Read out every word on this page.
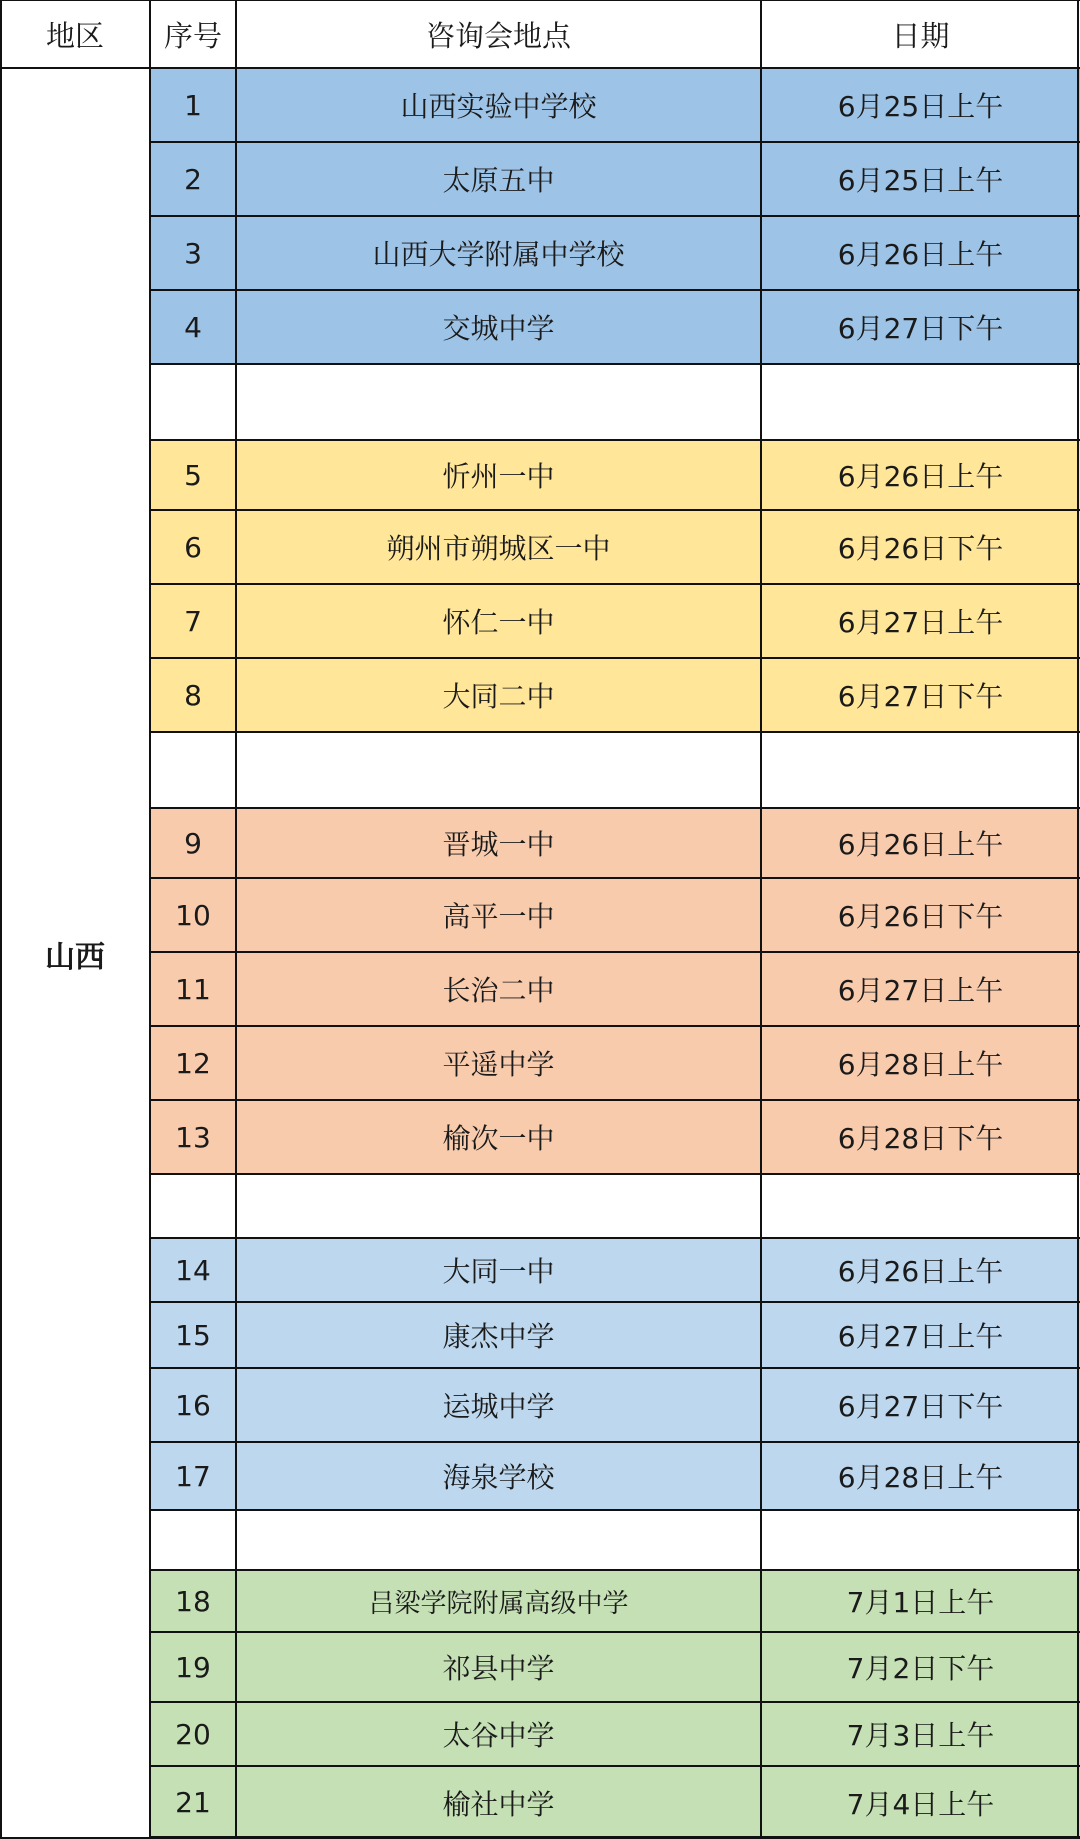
地区	序号	咨询会地点	日期
山西
1	山西实验中学校	6月25日上午
2	太原五中	6月25日上午
3	山西大学附属中学校	6月26日上午
4	交城中学	6月27日下午
5	忻州一中	6月26日上午
6	朔州市朔城区一中	6月26日下午
7	怀仁一中	6月27日上午
8	大同二中	6月27日下午
9	晋城一中	6月26日上午
10	高平一中	6月26日下午
11	长治二中	6月27日上午
12	平遥中学	6月28日上午
13	榆次一中	6月28日下午
14	大同一中	6月26日上午
15	康杰中学	6月27日上午
16	运城中学	6月27日下午
17	海泉学校	6月28日上午
18	吕梁学院附属高级中学	7月1日上午
19	祁县中学	7月2日下午
20	太谷中学	7月3日上午
21	榆社中学	7月4日上午
